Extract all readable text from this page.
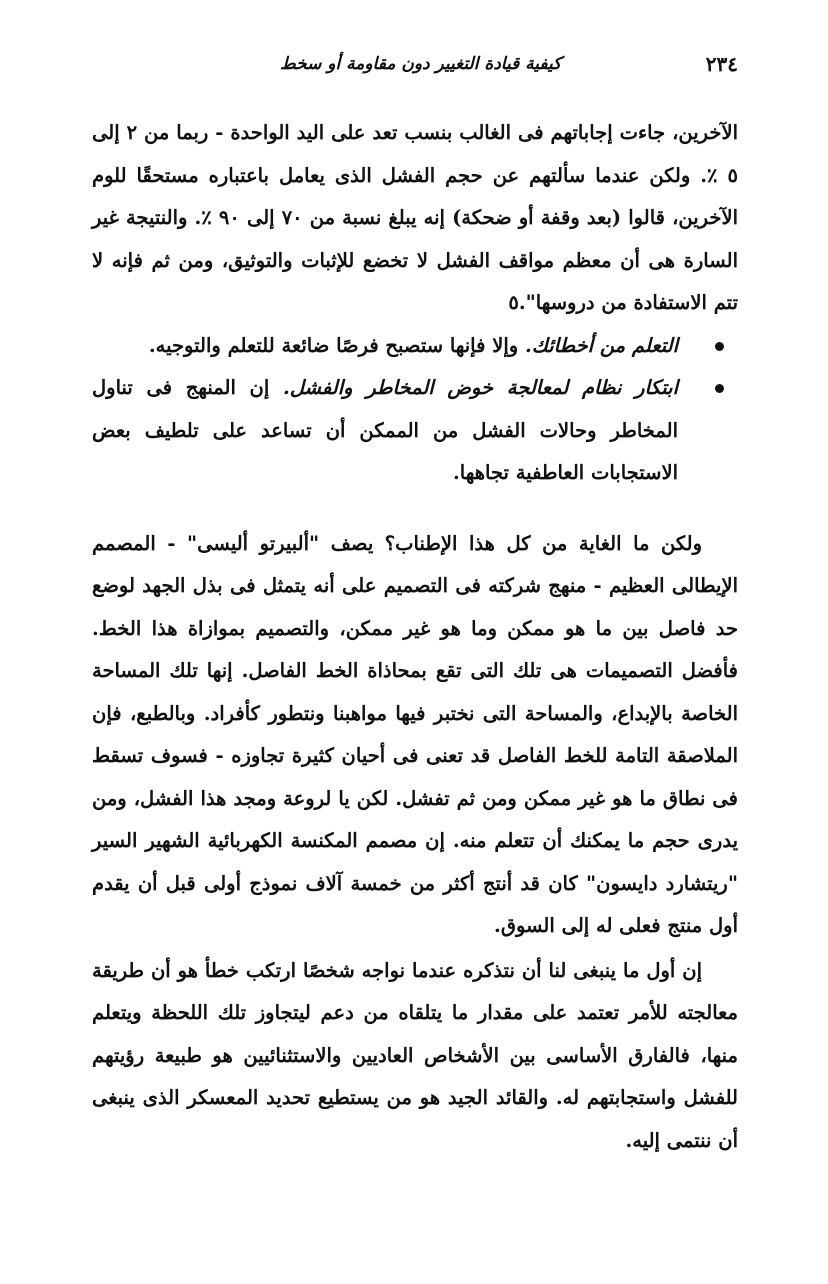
٢٣٤
كيفية قيادة التغيير دون مقاومة أو سخط

الآخرين، جاءت إجاباتهم فى الغالب بنسب تعد على اليد الواحدة - ربما من ٢ إلى ٥ ٪. ولكن عندما سألتهم عن حجم الفشل الذى يعامل باعتباره مستحقًا للوم الآخرين، قالوا (بعد وقفة أو ضحكة) إنه يبلغ نسبة من ٧٠ إلى ٩٠ ٪. والنتيجة غير السارة هى أن معظم مواقف الفشل لا تخضع للإثبات والتوثيق، ومن ثم فإنه لا تتم الاستفادة من دروسها".٥

التعلم من أخطائك. وإلا فإنها ستصبح فرصًا ضائعة للتعلم والتوجيه.
ابتكار نظام لمعالجة خوض المخاطر والفشل. إن المنهج فى تناول المخاطر وحالات الفشل من الممكن أن تساعد على تلطيف بعض الاستجابات العاطفية تجاهها.

ولكن ما الغاية من كل هذا الإطناب؟ يصف "ألبيرتو أليسى" - المصمم الإيطالى العظيم - منهج شركته فى التصميم على أنه يتمثل فى بذل الجهد لوضع حد فاصل بين ما هو ممكن وما هو غير ممكن، والتصميم بموازاة هذا الخط. فأفضل التصميمات هى تلك التى تقع بمحاذاة الخط الفاصل. إنها تلك المساحة الخاصة بالإبداع، والمساحة التى نختبر فيها مواهبنا ونتطور كأفراد. وبالطبع، فإن الملاصقة التامة للخط الفاصل قد تعنى فى أحيان كثيرة تجاوزه - فسوف تسقط فى نطاق ما هو غير ممكن ومن ثم تفشل. لكن يا لروعة ومجد هذا الفشل، ومن يدرى حجم ما يمكنك أن تتعلم منه. إن مصمم المكنسة الكهربائية الشهير السير "ريتشارد دايسون" كان قد أنتج أكثر من خمسة آلاف نموذج أولى قبل أن يقدم أول منتج فعلى له إلى السوق.

إن أول ما ينبغى لنا أن نتذكره عندما نواجه شخصًا ارتكب خطأ هو أن طريقة معالجته للأمر تعتمد على مقدار ما يتلقاه من دعم ليتجاوز تلك اللحظة ويتعلم منها، فالفارق الأساسى بين الأشخاص العاديين والاستثنائيين هو طبيعة رؤيتهم للفشل واستجابتهم له. والقائد الجيد هو من يستطيع تحديد المعسكر الذى ينبغى أن ننتمى إليه.
